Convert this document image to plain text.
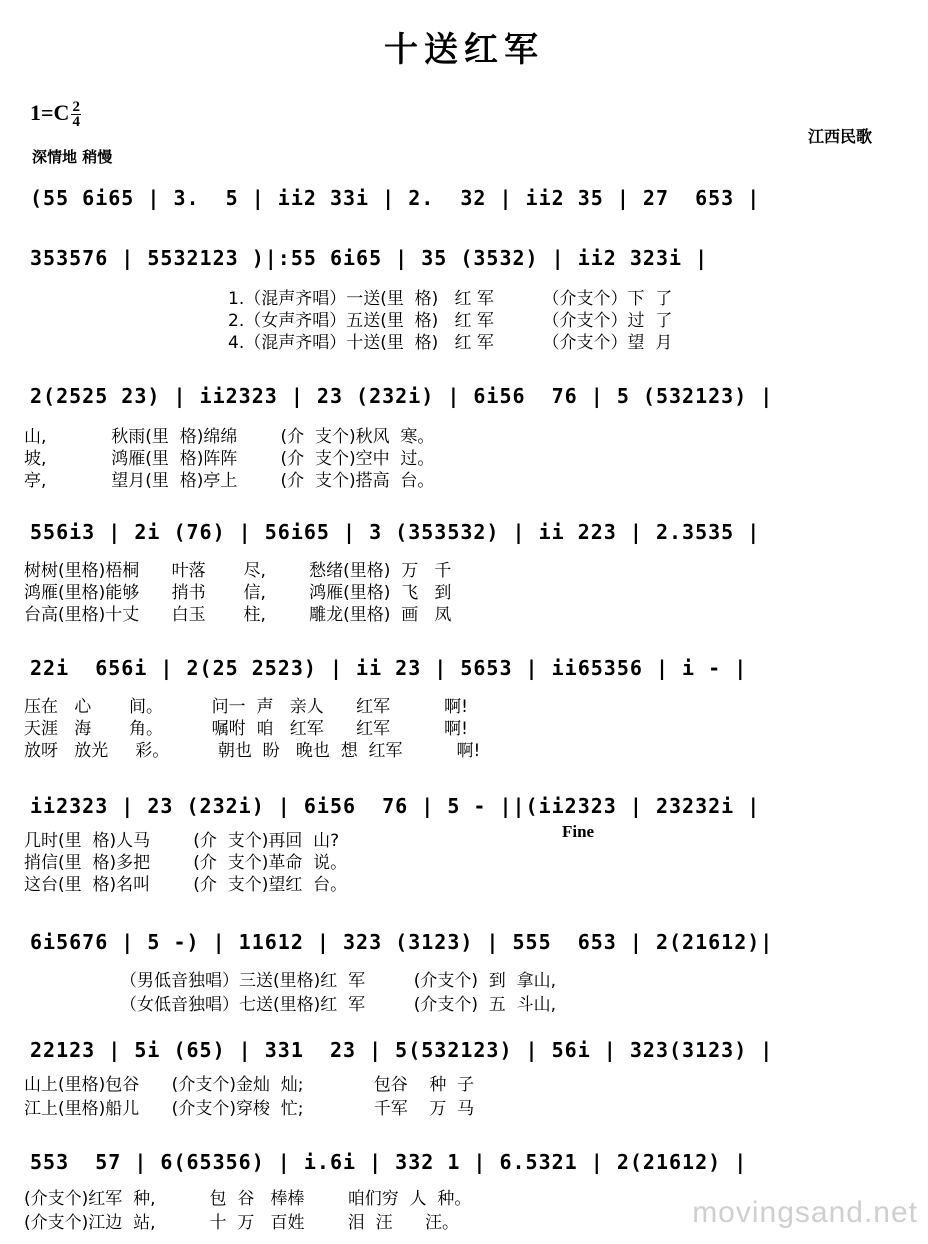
十送红军
$1=C \frac{2}{4}$
深情地 稍慢
江西民歌
(55 6i65 | 3.  5 | ii2 33i | 2.  32 | ii2 35 | 27  653 |
353576 | 5532123 )|:55 6i65 | 35 (3532) | ii2 323i |
1.（混声齐唱）一送(里  格)   红 军         （介支个）下  了
2.（女声齐唱）五送(里  格)   红 军         （介支个）过  了
4.（混声齐唱）十送(里  格)   红 军         （介支个）望  月
2(2525 23) | ii2323 | 23 (232i) | 6i56  76 | 5 (532123) |
山,            秋雨(里  格)绵绵        (介  支个)秋风  寒。
坡,            鸿雁(里  格)阵阵        (介  支个)空中  过。
亭,            望月(里  格)亭上        (介  支个)搭高  台。
556i3 | 2i (76) | 56i65 | 3 (353532) | ii 223 | 2.3535 |
树树(里格)梧桐      叶落       尽,        愁绪(里格)  万   千
鸿雁(里格)能够      捎书       信,        鸿雁(里格)  飞   到
台高(里格)十丈      白玉       柱,        雕龙(里格)  画   凤
22i  656i | 2(25 2523) | ii 23 | 5653 | ii65356 | i - |
压在   心       间。         问一  声   亲人      红军          啊!
天涯   海       角。         嘱咐  咱   红军      红军          啊!
放呀   放光     彩。         朝也  盼   晚也  想  红军          啊!
ii2323 | 23 (232i) | 6i56  76 | 5 - ||(ii2323 | 23232i |
Fine
几时(里  格)人马        (介  支个)再回  山?
捎信(里  格)多把        (介  支个)革命  说。
这台(里  格)名叫        (介  支个)望红  台。
6i5676 | 5 -) | 11612 | 323 (3123) | 555  653 | 2(21612)|
（男低音独唱）三送(里格)红  军         (介支个)  到  拿山,
（女低音独唱）七送(里格)红  军         (介支个)  五  斗山,
22123 | 5i (65) | 331  23 | 5(532123) | 56i | 323(3123) |
山上(里格)包谷      (介支个)金灿  灿;             包谷    种  子
江上(里格)船儿      (介支个)穿梭  忙;             千军    万  马
553  57 | 6(65356) | i.6i | 332 1 | 6.5321 | 2(21612) |
(介支个)红军  种,          包  谷   棒棒        咱们穷  人  种。
(介支个)江边  站,          十  万   百姓        泪  汪      汪。	movingsand.net
